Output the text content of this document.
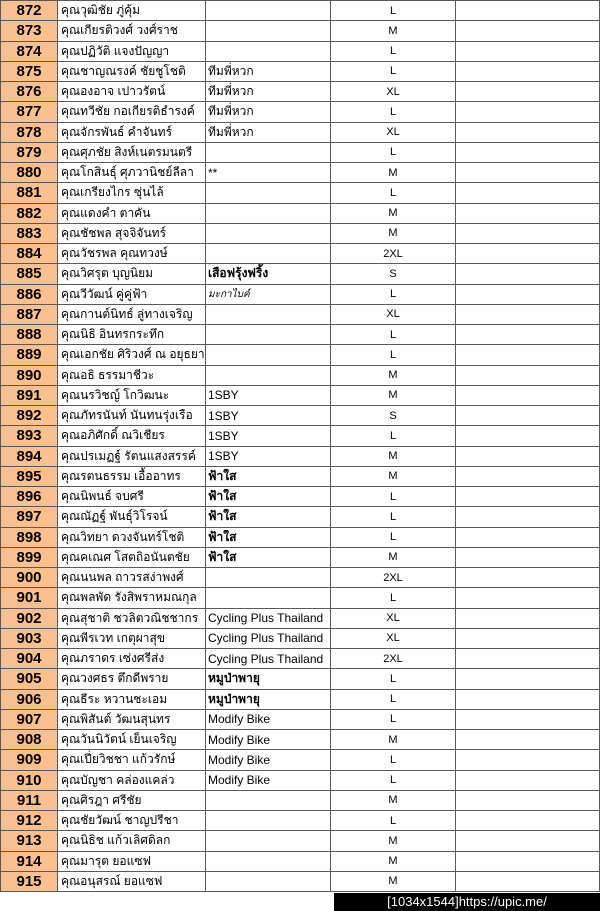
872	คุณวุฒิชัย ภู่คุ้ม		L	
873	คุณเกียรติวงศ์ วงศ์ราช		M	
874	คุณปฏิวัติ แจงปัญญา		L	
875	คุณชาญณรงค์ ชัยชูโชติ	ทีมพี่หวก	L	
876	คุณองอาจ เปาวรัตน์	ทีมพี่หวก	XL	
877	คุณทวีชัย กอเกียรติธำรงค์	ทีมพี่หวก	L	
878	คุณจักรพันธ์ คำจันทร์	ทีมพี่หวก	XL	
879	คุณศุภชัย สิงห์เนตรมนตรี		L	
880	คุณโกสินธุ์ ศุภวานิชย์ลีลา	**	M	
881	คุณเกรียงไกร ซุ่นไล้		L	
882	คุณแดงคำ ตาคัน		M	
883	คุณชัชพล สุจจิจันทร์		M	
884	คุณวัชรพล คุณทวงษ์		2XL	
885	คุณวิศรุต บุญนิยม	เสือฟรุ้งฟริ้ง	S	
886	คุณวีวัฒน์ คู่คู่ฟ้า	มะกาไบค์	L	
887	คุณกานต์นิทธ์ ลู่ทางเจริญ		XL	
888	คุณนิธิ อินทรกระทึก		L	
889	คุณเอกชัย ศิริวงศ์ ณ อยุธยา		L	
890	คุณอธิ ธรรมาชีวะ		M	
891	คุณนรวิชญ์ โกวิฒนะ	1SBY	M	
892	คุณภัทรนันท์ นันทนรุ่งเรือ	1SBY	S	
893	คุณอภิศักดิ์ ณวิเชียร	1SBY	L	
894	คุณปรเมฏฐ์ รัตนแสงสรรค์	1SBY	M	
895	คุณรตนธรรม เอื้ออาทร	ฟ้าใส	M	
896	คุณนิพนธ์ จบศรี	ฟ้าใส	L	
897	คุณณัฏฐ์ พันธุ์วิโรจน์	ฟ้าใส	L	
898	คุณวิทยา ดวงจันทร์โชติ	ฟ้าใส	L	
899	คุณคเณศ โสตถิอนันตชัย	ฟ้าใส	M	
900	คุณนนพล ถาวรสง่าพงศ์		2XL	
901	คุณพลพัด รังสิพราหมณกุล		L	
902	คุณสุชาติ ชวลิตวณิชชากร	Cycling Plus Thailand	XL	
903	คุณพีรเวท เกตุผาสุข	Cycling Plus Thailand	XL	
904	คุณภราดร เซ่งศรีส่ง	Cycling Plus Thailand	2XL	
905	คุณวงศธร ตึกดีพราย	หมูป่าพายุ	L	
906	คุณธีระ หวานชะเอม	หมูป่าพายุ	L	
907	คุณพิสันต์ วัฒนสุนทร	Modify Bike	L	
908	คุณวันนิวัตน์ เย็นเจริญ	Modify Bike	M	
909	คุณเปี่ยวิชชา แก้วรักษ์	Modify Bike	L	
910	คุณบัญชา คล่องแคล่ว	Modify Bike	L	
911	คุณศิรฎา ศรีชัย		M	
912	คุณชัยวัฒน์ ชาญปรีชา		L	
913	คุณนิธิช แก้วเลิศดิลก		M	
914	คุณมารุต ยอแซฟ		M	
915	คุณอนุสรณ์ ยอแซฟ		M	
[1034x1544]https://upic.me/
